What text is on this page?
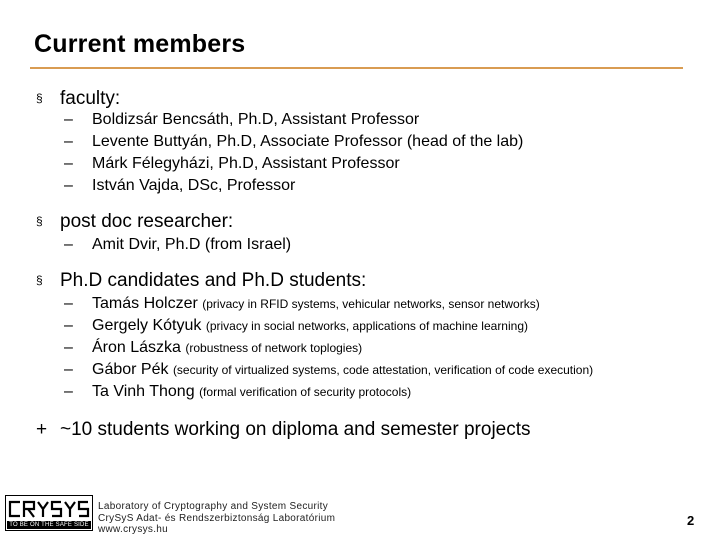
Current members
§ faculty:
– Boldizsár Bencsáth, Ph.D, Assistant Professor
– Levente Buttyán, Ph.D, Associate Professor (head of the lab)
– Márk Félegyházi, Ph.D, Assistant Professor
– István Vajda, DSc, Professor
§ post doc researcher:
– Amit Dvir, Ph.D (from Israel)
§ Ph.D candidates and Ph.D students:
– Tamás Holczer (privacy in RFID systems, vehicular networks, sensor networks)
– Gergely Kótyuk (privacy in social networks, applications of machine learning)
– Áron Lászka (robustness of network toplogies)
– Gábor Pék (security of virtualized systems, code attestation, verification of code execution)
– Ta Vinh Thong (formal verification of security protocols)
+ ~10 students working on diploma and semester projects
TO BE ON THE SAFE SIDE
Laboratory of Cryptography and System Security
CrySyS Adat- és Rendszerbiztonság Laboratórium
www.crysys.hu
2
